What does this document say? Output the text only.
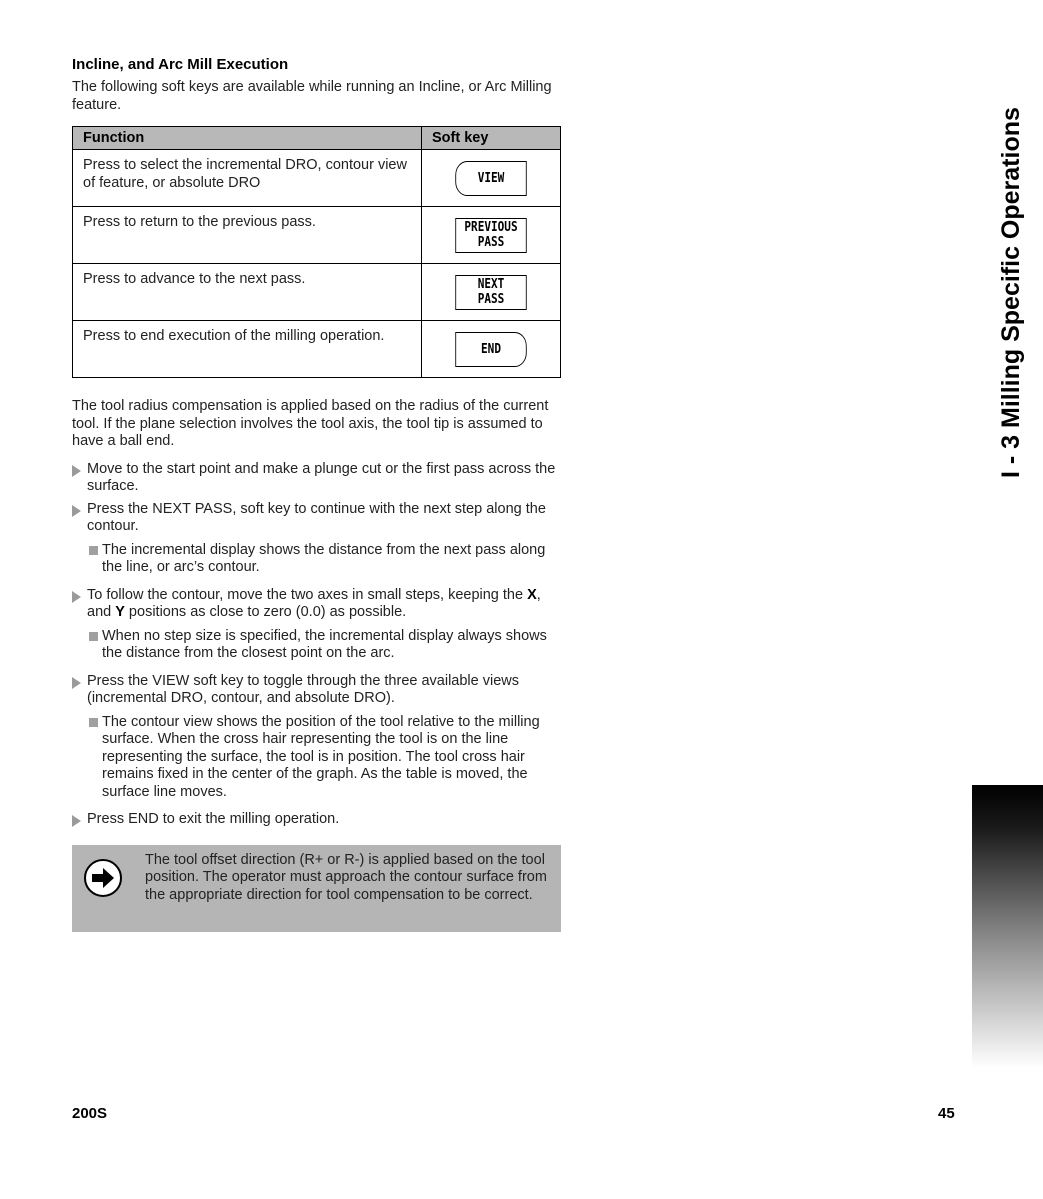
Incline, and Arc Mill Execution

The following soft keys are available while running an Incline, or Arc Milling feature.

Function	Soft key
Press to select the incremental DRO, contour view of feature, or absolute DRO	VIEW
Press to return to the previous pass.	PREVIOUS
PASS
Press to advance to the next pass.	NEXT
PASS
Press to end execution of the milling operation.	END

The tool radius compensation is applied based on the radius of the current tool. If the plane selection involves the tool axis, the tool tip is assumed to have a ball end.

Move to the start point and make a plunge cut or the first pass across the surface.
Press the NEXT PASS, soft key to continue with the next step along the contour.
The incremental display shows the distance from the next pass along the line, or arc’s contour.
To follow the contour, move the two axes in small steps, keeping the X, and Y positions as close to zero (0.0) as possible.
When no step size is specified, the incremental display always shows the distance from the closest point on the arc.
Press the VIEW soft key to toggle through the three available views (incremental DRO, contour, and absolute DRO).
The contour view shows the position of the tool relative to the milling surface. When the cross hair representing the tool is on the line representing the surface, the tool is in position. The tool cross hair remains fixed in the center of the graph. As the table is moved, the surface line moves.
Press END to exit the milling operation.
The tool offset direction (R+ or R-) is applied based on the tool position. The operator must approach the contour surface from the appropriate direction for tool compensation to be correct.
I - 3 Milling Specific Operations
200S	45
